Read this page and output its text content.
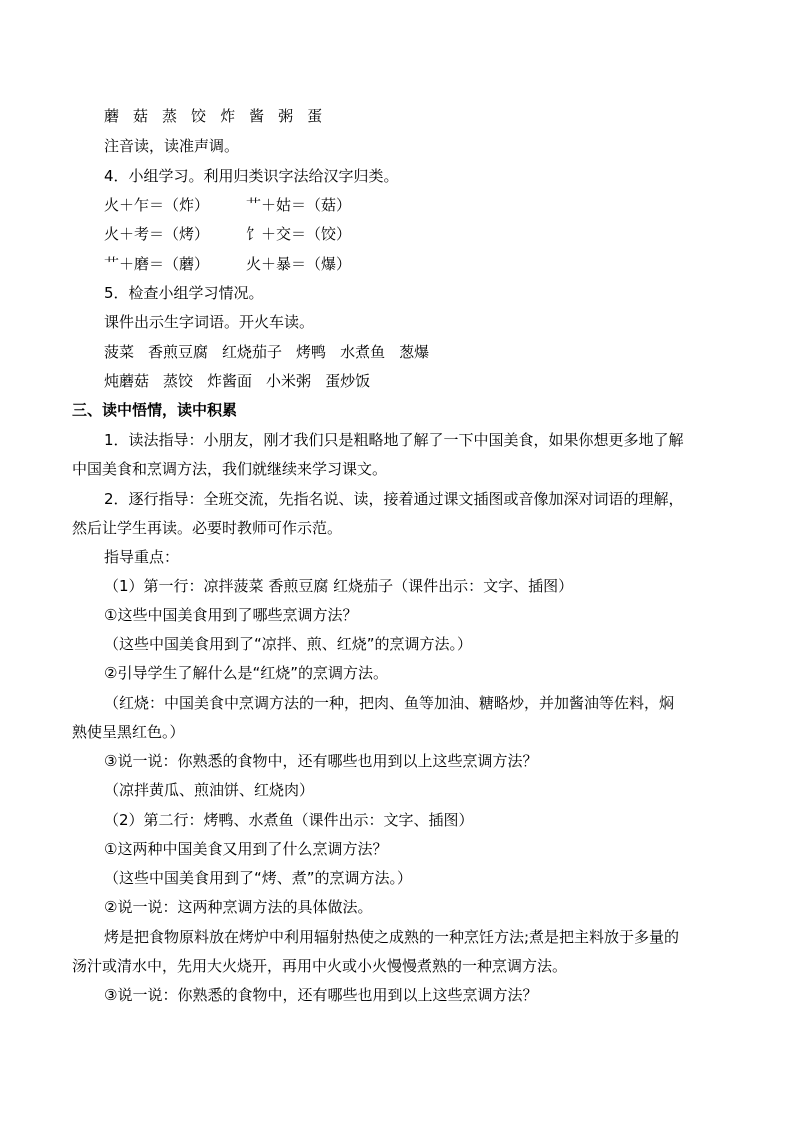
蘑 菇 蒸 饺 炸 酱 粥 蛋
注音读，读准声调。
4．小组学习。利用归类识字法给汉字归类。
火＋乍＝（炸） 艹＋姑＝（菇）
火＋考＝（烤） 饣＋交＝（饺）
艹＋磨＝（蘑） 火＋暴＝（爆）
5．检查小组学习情况。
课件出示生字词语。开火车读。
菠菜 香煎豆腐 红烧茄子 烤鸭 水煮鱼 葱爆
炖蘑菇 蒸饺 炸酱面 小米粥 蛋炒饭
三、读中悟情，读中积累
1．读法指导：小朋友，刚才我们只是粗略地了解了一下中国美食，如果你想更多地了解
中国美食和烹调方法，我们就继续来学习课文。
2．逐行指导：全班交流，先指名说、读，接着通过课文插图或音像加深对词语的理解，
然后让学生再读。必要时教师可作示范。
指导重点：
（1）第一行：凉拌菠菜 香煎豆腐 红烧茄子（课件出示：文字、插图）
①这些中国美食用到了哪些烹调方法？
（这些中国美食用到了“凉拌、煎、红烧”的烹调方法。）
②引导学生了解什么是“红烧”的烹调方法。
（红烧：中国美食中烹调方法的一种，把肉、鱼等加油、糖略炒，并加酱油等佐料，焖
熟使呈黑红色。）
③说一说：你熟悉的食物中，还有哪些也用到以上这些烹调方法？
（凉拌黄瓜、煎油饼、红烧肉）
（2）第二行：烤鸭、水煮鱼（课件出示：文字、插图）
①这两种中国美食又用到了什么烹调方法？
（这些中国美食用到了“烤、煮”的烹调方法。）
②说一说：这两种烹调方法的具体做法。
烤是把食物原料放在烤炉中利用辐射热使之成熟的一种烹饪方法;煮是把主料放于多量的
汤汁或清水中，先用大火烧开，再用中火或小火慢慢煮熟的一种烹调方法。
③说一说：你熟悉的食物中，还有哪些也用到以上这些烹调方法？
